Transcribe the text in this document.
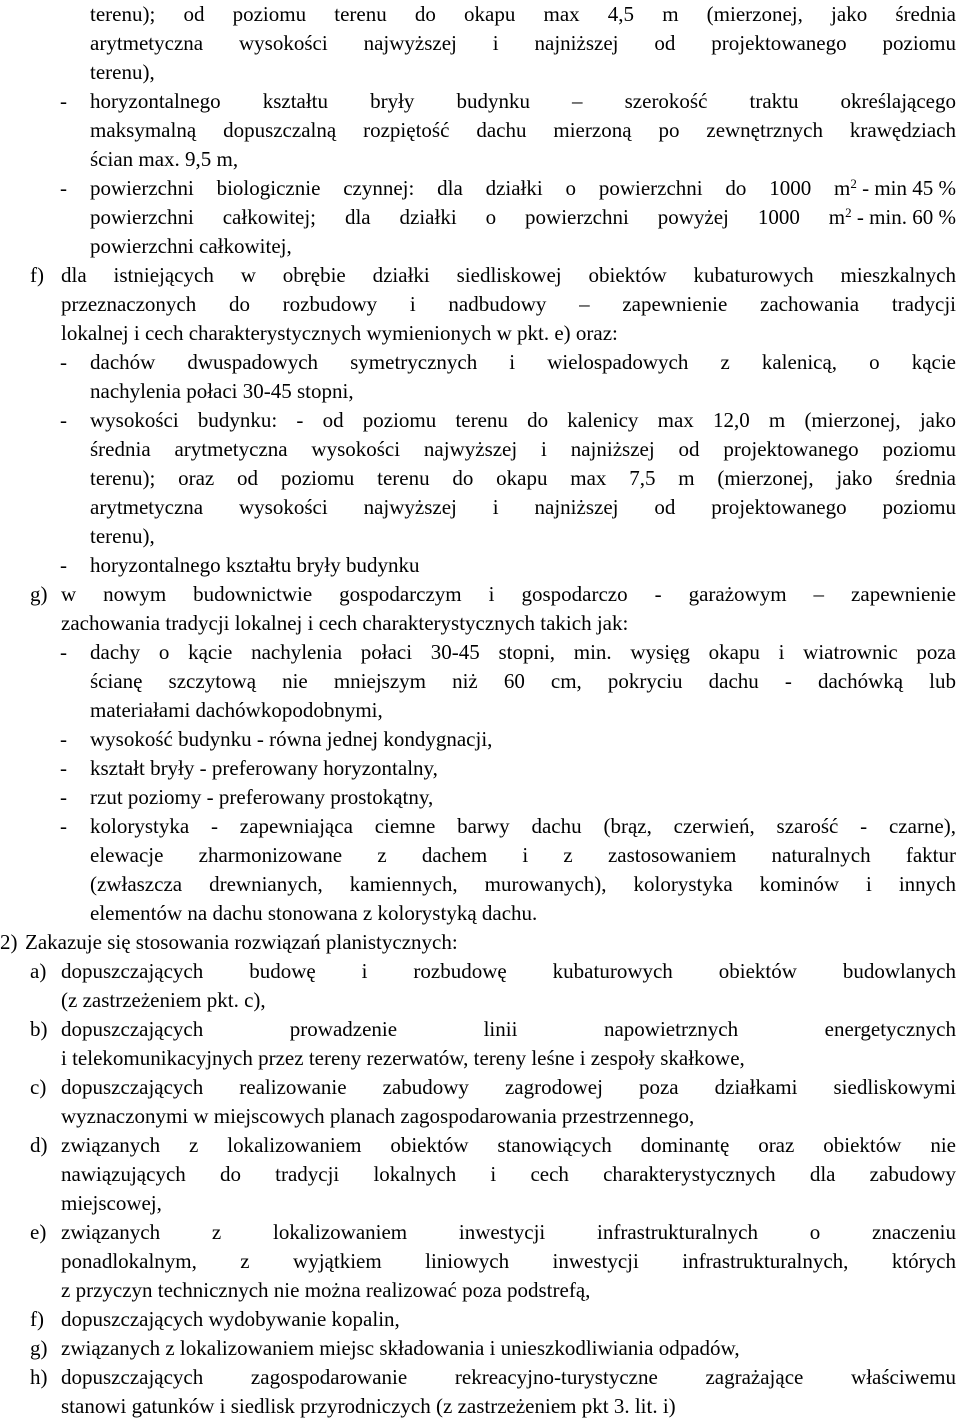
terenu); od poziomu terenu do okapu max 4,5 m (mierzonej, jako średnia
arytmetyczna wysokości najwyższej i najniższej od projektowanego poziomu
terenu),
- horyzontalnego kształtu bryły budynku – szerokość traktu określającego
maksymalną dopuszczalną rozpiętość dachu mierzoną po zewnętrznych krawędziach
ścian max. 9,5 m,
- powierzchni biologicznie czynnej: dla działki o powierzchni do 1000 $m^2$ - min 45 %
powierzchni całkowitej; dla działki o powierzchni powyżej 1000 $m^2$ - min. 60 %
powierzchni całkowitej,
f) dla istniejących w obrębie działki siedliskowej obiektów kubaturowych mieszkalnych
przeznaczonych do rozbudowy i nadbudowy – zapewnienie zachowania tradycji
lokalnej i cech charakterystycznych wymienionych w pkt. e) oraz:
- dachów dwuspadowych symetrycznych i wielospadowych z kalenicą, o kącie
nachylenia połaci 30-45 stopni,
- wysokości budynku: - od poziomu terenu do kalenicy max 12,0 m (mierzonej, jako
średnia arytmetyczna wysokości najwyższej i najniższej od projektowanego poziomu
terenu); oraz od poziomu terenu do okapu max 7,5 m (mierzonej, jako średnia
arytmetyczna wysokości najwyższej i najniższej od projektowanego poziomu
terenu),
- horyzontalnego kształtu bryły budynku
g) w nowym budownictwie gospodarczym i gospodarczo - garażowym – zapewnienie
zachowania tradycji lokalnej i cech charakterystycznych takich jak:
- dachy o kącie nachylenia połaci 30-45 stopni, min. wysięg okapu i wiatrownic poza
ścianę szczytową nie mniejszym niż 60 cm, pokryciu dachu - dachówką lub
materiałami dachówkopodobnymi,
- wysokość budynku - równa jednej kondygnacji,
- kształt bryły - preferowany horyzontalny,
- rzut poziomy - preferowany prostokątny,
- kolorystyka - zapewniająca ciemne barwy dachu (brąz, czerwień, szarość - czarne),
elewacje zharmonizowane z dachem i z zastosowaniem naturalnych faktur
(zwłaszcza drewnianych, kamiennych, murowanych), kolorystyka kominów i innych
elementów na dachu stonowana z kolorystyką dachu.
2) Zakazuje się stosowania rozwiązań planistycznych:
a) dopuszczających budowę i rozbudowę kubaturowych obiektów budowlanych
(z zastrzeżeniem pkt. c),
b) dopuszczających prowadzenie linii napowietrznych energetycznych
i telekomunikacyjnych przez tereny rezerwatów, tereny leśne i zespoły skałkowe,
c) dopuszczających realizowanie zabudowy zagrodowej poza działkami siedliskowymi
wyznaczonymi w miejscowych planach zagospodarowania przestrzennego,
d) związanych z lokalizowaniem obiektów stanowiących dominantę oraz obiektów nie
nawiązujących do tradycji lokalnych i cech charakterystycznych dla zabudowy
miejscowej,
e) związanych z lokalizowaniem inwestycji infrastrukturalnych o znaczeniu
ponadlokalnym, z wyjątkiem liniowych inwestycji infrastrukturalnych, których
z przyczyn technicznych nie można realizować poza podstrefą,
f) dopuszczających wydobywanie kopalin,
g) związanych z lokalizowaniem miejsc składowania i unieszkodliwiania odpadów,
h) dopuszczających zagospodarowanie rekreacyjno-turystyczne zagrażające właściwemu
stanowi gatunków i siedlisk przyrodniczych (z zastrzeżeniem pkt 3. lit. i)
